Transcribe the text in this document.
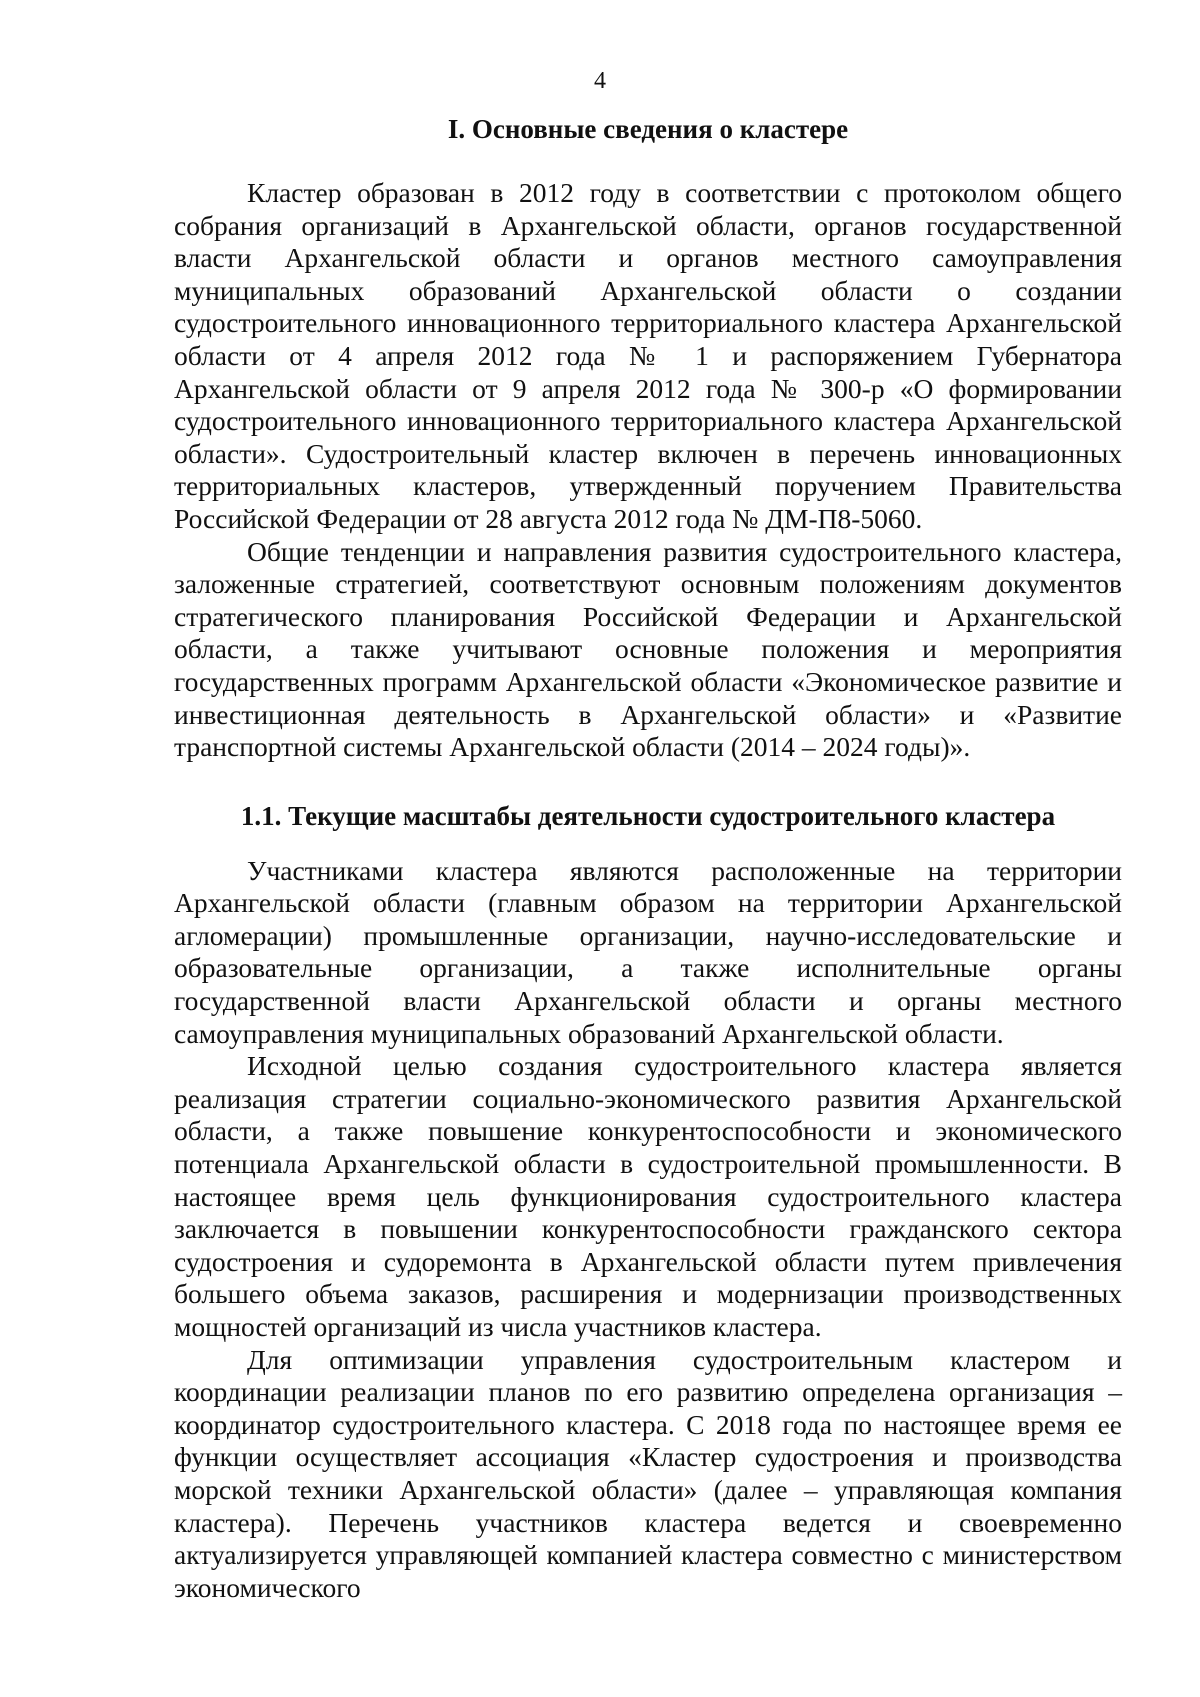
4
I. Основные сведения о кластере

Кластер образован в 2012 году в соответствии с протоколом общего собрания организаций в Архангельской области, органов государственной власти Архангельской области и органов местного самоуправления муниципальных образований Архангельской области о создании судостроительного инновационного территориального кластера Архангельской области от 4 апреля 2012 года № 1 и распоряжением Губернатора Архангельской области от 9 апреля 2012 года № 300-р «О формировании судостроительного инновационного территориального кластера Архангельской области». Судостроительный кластер включен в перечень инновационных территориальных кластеров, утвержденный поручением Правительства Российской Федерации от 28 августа 2012 года № ДМ-П8-5060.

Общие тенденции и направления развития судостроительного кластера, заложенные стратегией, соответствуют основным положениям документов стратегического планирования Российской Федерации и Архангельской области, а также учитывают основные положения и мероприятия государственных программ Архангельской области «Экономическое развитие и инвестиционная деятельность в Архангельской области» и «Развитие транспортной системы Архангельской области (2014 – 2024 годы)».

1.1. Текущие масштабы деятельности судостроительного кластера

Участниками кластера являются расположенные на территории Архангельской области (главным образом на территории Архангельской агломерации) промышленные организации, научно-исследовательские и образовательные организации, а также исполнительные органы государственной власти Архангельской области и органы местного самоуправления муниципальных образований Архангельской области.

Исходной целью создания судостроительного кластера является реализация стратегии социально-экономического развития Архангельской области, а также повышение конкурентоспособности и экономического потенциала Архангельской области в судостроительной промышленности. В настоящее время цель функционирования судостроительного кластера заключается в повышении конкурентоспособности гражданского сектора судостроения и судоремонта в Архангельской области путем привлечения большего объема заказов, расширения и модернизации производственных мощностей организаций из числа участников кластера.

Для оптимизации управления судостроительным кластером и координации реализации планов по его развитию определена организация – координатор судостроительного кластера. С 2018 года по настоящее время ее функции осуществляет ассоциация «Кластер судостроения и производства морской техники Архангельской области» (далее – управляющая компания кластера). Перечень участников кластера ведется и своевременно актуализируется управляющей компанией кластера совместно с министерством экономического
